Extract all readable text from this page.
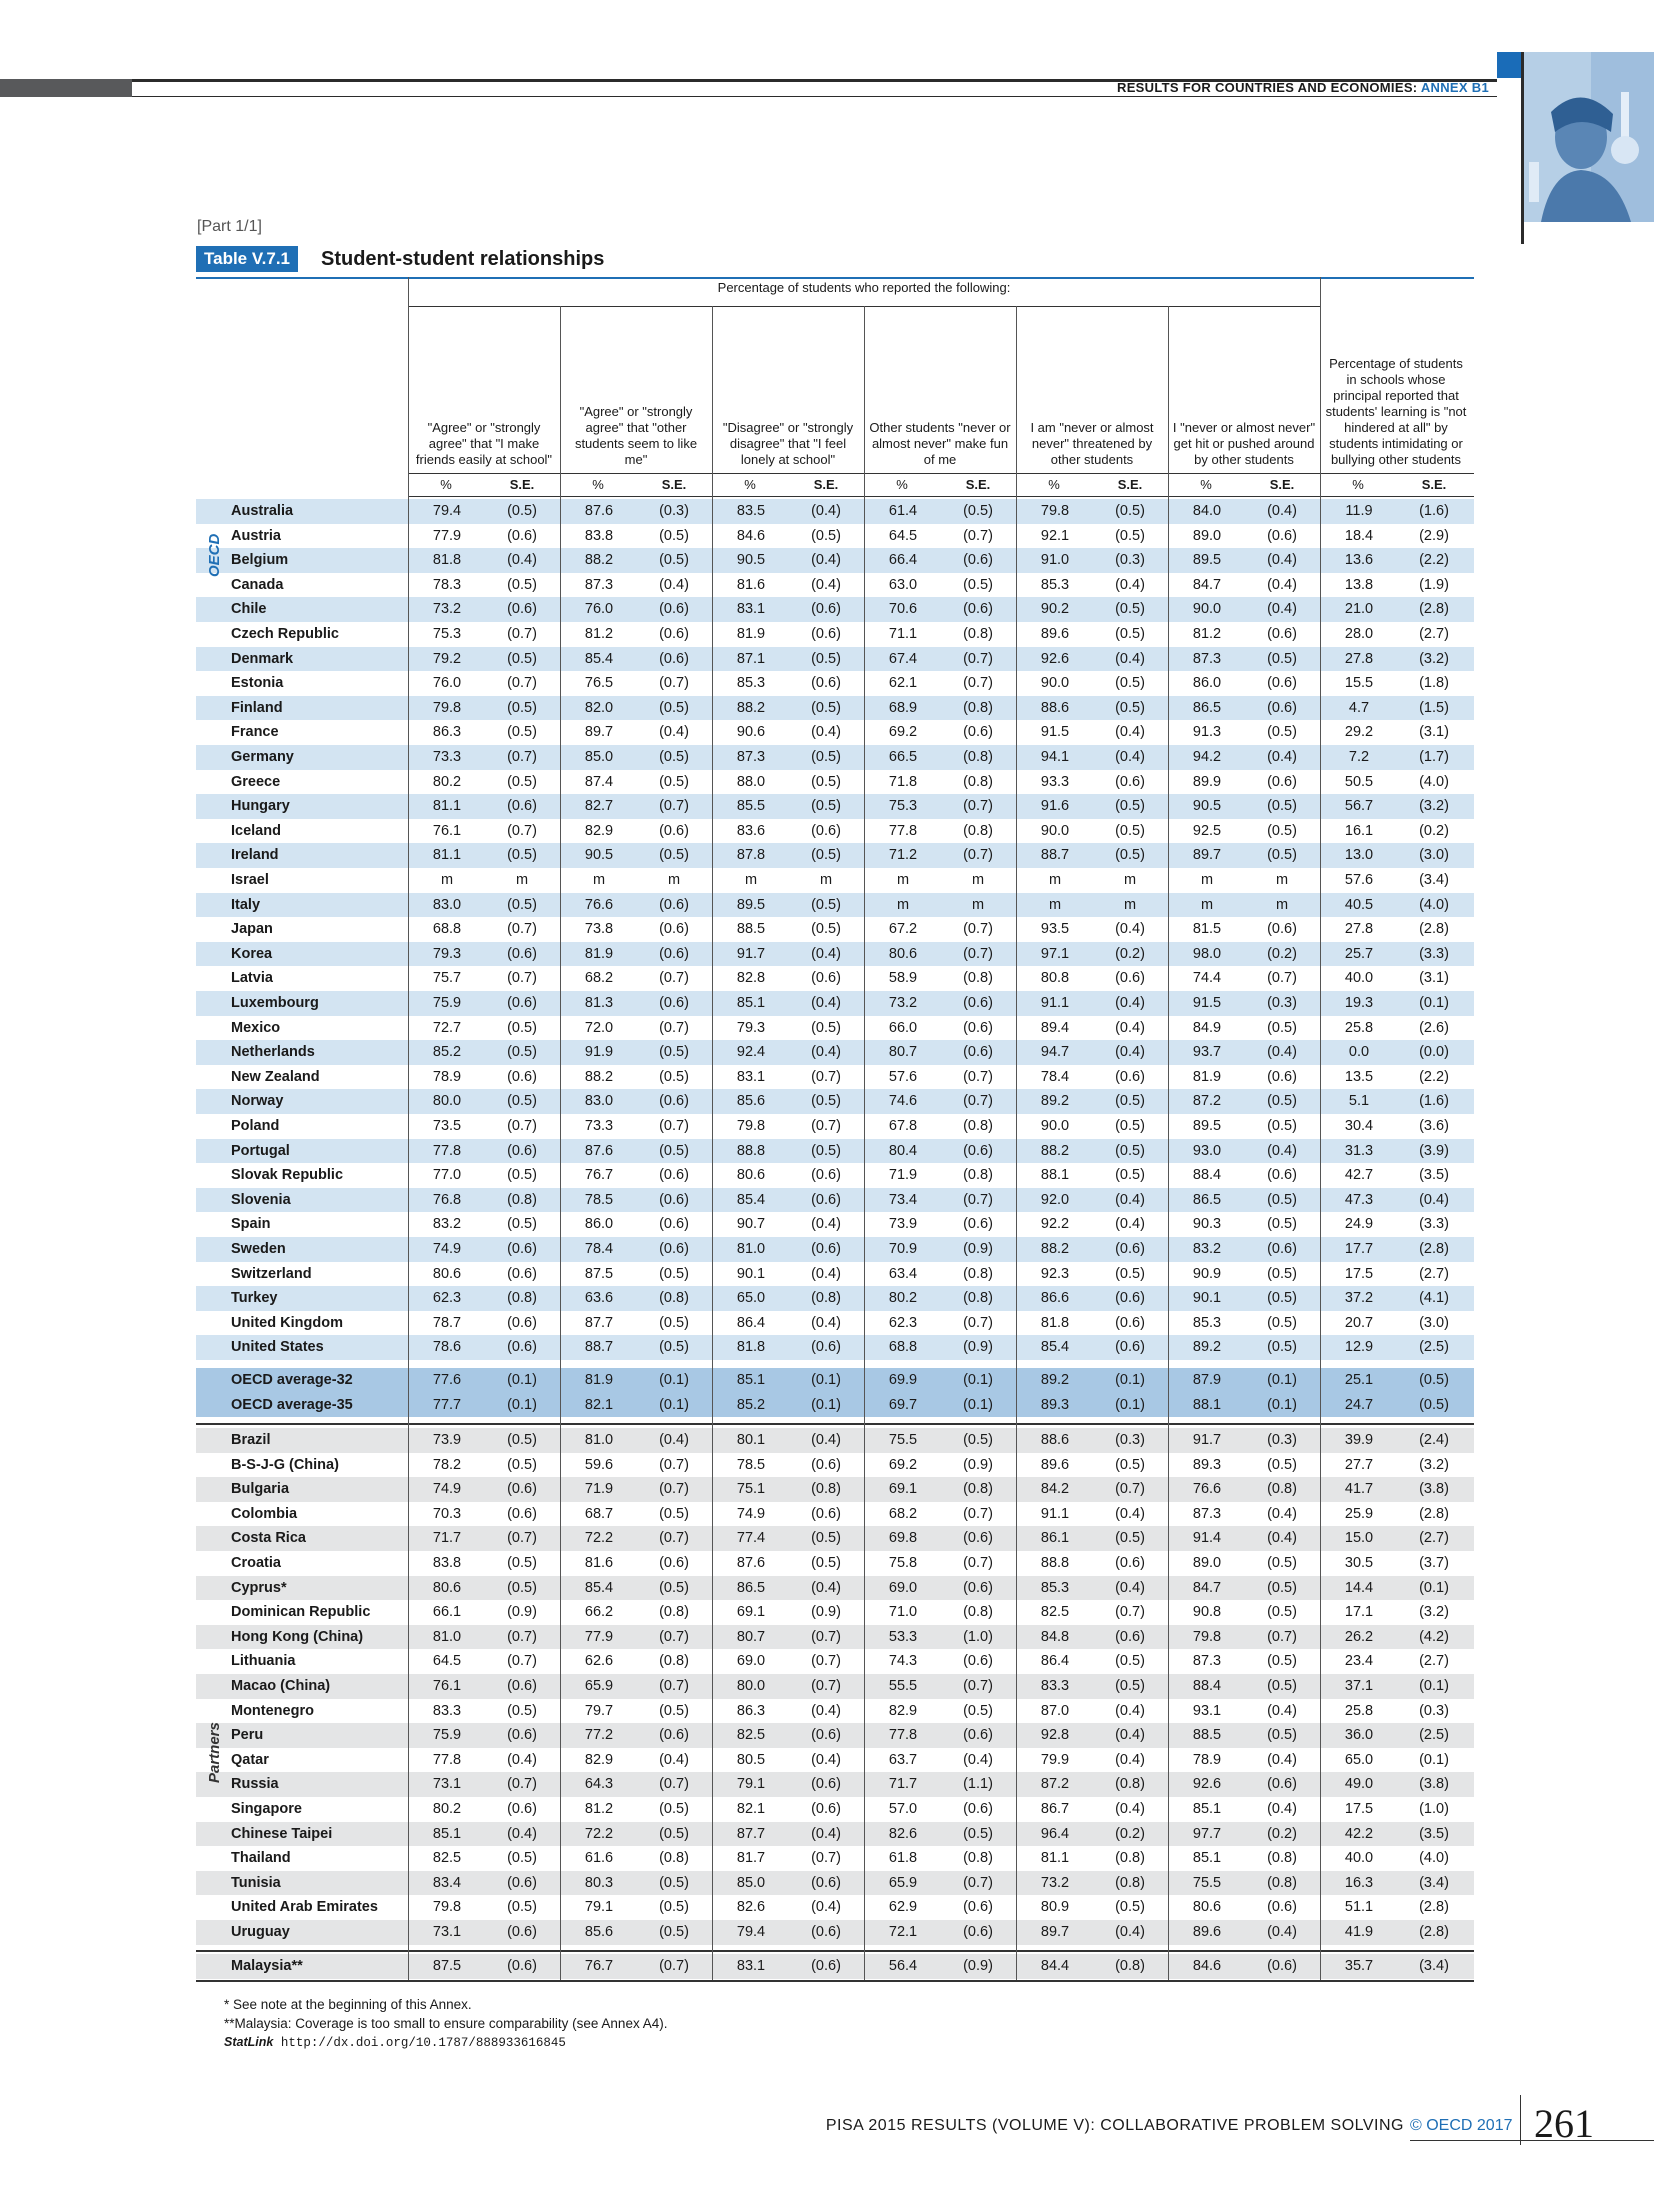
RESULTS FOR COUNTRIES AND ECONOMIES: ANNEX B1
[Part 1/1]
Table V.7.1	Student-student relationships
Percentage of students who reported the following:
"Agree" or "strongly agree" that "I make friends easily at school"
"Agree" or "strongly agree" that "other students seem to like me"
"Disagree" or "strongly disagree" that "I feel lonely at school"
Other students "never or almost never" make fun of me
I am "never or almost never" threatened by other students
I "never or almost never" get hit or pushed around by other students
Percentage of students in schools whose principal reported that students' learning is "not hindered at all" by students intimidating or bullying other students
%	S.E.	%	S.E.	%	S.E.	%	S.E.	%	S.E.	%	S.E.	%	S.E.
Australia	79.4	(0.5)	87.6	(0.3)	83.5	(0.4)	61.4	(0.5)	79.8	(0.5)	84.0	(0.4)	11.9	(1.6)
Austria	77.9	(0.6)	83.8	(0.5)	84.6	(0.5)	64.5	(0.7)	92.1	(0.5)	89.0	(0.6)	18.4	(2.9)
Belgium	81.8	(0.4)	88.2	(0.5)	90.5	(0.4)	66.4	(0.6)	91.0	(0.3)	89.5	(0.4)	13.6	(2.2)
Canada	78.3	(0.5)	87.3	(0.4)	81.6	(0.4)	63.0	(0.5)	85.3	(0.4)	84.7	(0.4)	13.8	(1.9)
Chile	73.2	(0.6)	76.0	(0.6)	83.1	(0.6)	70.6	(0.6)	90.2	(0.5)	90.0	(0.4)	21.0	(2.8)
Czech Republic	75.3	(0.7)	81.2	(0.6)	81.9	(0.6)	71.1	(0.8)	89.6	(0.5)	81.2	(0.6)	28.0	(2.7)
Denmark	79.2	(0.5)	85.4	(0.6)	87.1	(0.5)	67.4	(0.7)	92.6	(0.4)	87.3	(0.5)	27.8	(3.2)
Estonia	76.0	(0.7)	76.5	(0.7)	85.3	(0.6)	62.1	(0.7)	90.0	(0.5)	86.0	(0.6)	15.5	(1.8)
Finland	79.8	(0.5)	82.0	(0.5)	88.2	(0.5)	68.9	(0.8)	88.6	(0.5)	86.5	(0.6)	4.7	(1.5)
France	86.3	(0.5)	89.7	(0.4)	90.6	(0.4)	69.2	(0.6)	91.5	(0.4)	91.3	(0.5)	29.2	(3.1)
Germany	73.3	(0.7)	85.0	(0.5)	87.3	(0.5)	66.5	(0.8)	94.1	(0.4)	94.2	(0.4)	7.2	(1.7)
Greece	80.2	(0.5)	87.4	(0.5)	88.0	(0.5)	71.8	(0.8)	93.3	(0.6)	89.9	(0.6)	50.5	(4.0)
Hungary	81.1	(0.6)	82.7	(0.7)	85.5	(0.5)	75.3	(0.7)	91.6	(0.5)	90.5	(0.5)	56.7	(3.2)
Iceland	76.1	(0.7)	82.9	(0.6)	83.6	(0.6)	77.8	(0.8)	90.0	(0.5)	92.5	(0.5)	16.1	(0.2)
Ireland	81.1	(0.5)	90.5	(0.5)	87.8	(0.5)	71.2	(0.7)	88.7	(0.5)	89.7	(0.5)	13.0	(3.0)
Israel	m	m	m	m	m	m	m	m	m	m	m	m	57.6	(3.4)
Italy	83.0	(0.5)	76.6	(0.6)	89.5	(0.5)	m	m	m	m	m	m	40.5	(4.0)
Japan	68.8	(0.7)	73.8	(0.6)	88.5	(0.5)	67.2	(0.7)	93.5	(0.4)	81.5	(0.6)	27.8	(2.8)
Korea	79.3	(0.6)	81.9	(0.6)	91.7	(0.4)	80.6	(0.7)	97.1	(0.2)	98.0	(0.2)	25.7	(3.3)
Latvia	75.7	(0.7)	68.2	(0.7)	82.8	(0.6)	58.9	(0.8)	80.8	(0.6)	74.4	(0.7)	40.0	(3.1)
Luxembourg	75.9	(0.6)	81.3	(0.6)	85.1	(0.4)	73.2	(0.6)	91.1	(0.4)	91.5	(0.3)	19.3	(0.1)
Mexico	72.7	(0.5)	72.0	(0.7)	79.3	(0.5)	66.0	(0.6)	89.4	(0.4)	84.9	(0.5)	25.8	(2.6)
Netherlands	85.2	(0.5)	91.9	(0.5)	92.4	(0.4)	80.7	(0.6)	94.7	(0.4)	93.7	(0.4)	0.0	(0.0)
New Zealand	78.9	(0.6)	88.2	(0.5)	83.1	(0.7)	57.6	(0.7)	78.4	(0.6)	81.9	(0.6)	13.5	(2.2)
Norway	80.0	(0.5)	83.0	(0.6)	85.6	(0.5)	74.6	(0.7)	89.2	(0.5)	87.2	(0.5)	5.1	(1.6)
Poland	73.5	(0.7)	73.3	(0.7)	79.8	(0.7)	67.8	(0.8)	90.0	(0.5)	89.5	(0.5)	30.4	(3.6)
Portugal	77.8	(0.6)	87.6	(0.5)	88.8	(0.5)	80.4	(0.6)	88.2	(0.5)	93.0	(0.4)	31.3	(3.9)
Slovak Republic	77.0	(0.5)	76.7	(0.6)	80.6	(0.6)	71.9	(0.8)	88.1	(0.5)	88.4	(0.6)	42.7	(3.5)
Slovenia	76.8	(0.8)	78.5	(0.6)	85.4	(0.6)	73.4	(0.7)	92.0	(0.4)	86.5	(0.5)	47.3	(0.4)
Spain	83.2	(0.5)	86.0	(0.6)	90.7	(0.4)	73.9	(0.6)	92.2	(0.4)	90.3	(0.5)	24.9	(3.3)
Sweden	74.9	(0.6)	78.4	(0.6)	81.0	(0.6)	70.9	(0.9)	88.2	(0.6)	83.2	(0.6)	17.7	(2.8)
Switzerland	80.6	(0.6)	87.5	(0.5)	90.1	(0.4)	63.4	(0.8)	92.3	(0.5)	90.9	(0.5)	17.5	(2.7)
Turkey	62.3	(0.8)	63.6	(0.8)	65.0	(0.8)	80.2	(0.8)	86.6	(0.6)	90.1	(0.5)	37.2	(4.1)
United Kingdom	78.7	(0.6)	87.7	(0.5)	86.4	(0.4)	62.3	(0.7)	81.8	(0.6)	85.3	(0.5)	20.7	(3.0)
United States	78.6	(0.6)	88.7	(0.5)	81.8	(0.6)	68.8	(0.9)	85.4	(0.6)	89.2	(0.5)	12.9	(2.5)
OECD average-32	77.6	(0.1)	81.9	(0.1)	85.1	(0.1)	69.9	(0.1)	89.2	(0.1)	87.9	(0.1)	25.1	(0.5)
OECD average-35	77.7	(0.1)	82.1	(0.1)	85.2	(0.1)	69.7	(0.1)	89.3	(0.1)	88.1	(0.1)	24.7	(0.5)
Brazil	73.9	(0.5)	81.0	(0.4)	80.1	(0.4)	75.5	(0.5)	88.6	(0.3)	91.7	(0.3)	39.9	(2.4)
B-S-J-G (China)	78.2	(0.5)	59.6	(0.7)	78.5	(0.6)	69.2	(0.9)	89.6	(0.5)	89.3	(0.5)	27.7	(3.2)
Bulgaria	74.9	(0.6)	71.9	(0.7)	75.1	(0.8)	69.1	(0.8)	84.2	(0.7)	76.6	(0.8)	41.7	(3.8)
Colombia	70.3	(0.6)	68.7	(0.5)	74.9	(0.6)	68.2	(0.7)	91.1	(0.4)	87.3	(0.4)	25.9	(2.8)
Costa Rica	71.7	(0.7)	72.2	(0.7)	77.4	(0.5)	69.8	(0.6)	86.1	(0.5)	91.4	(0.4)	15.0	(2.7)
Croatia	83.8	(0.5)	81.6	(0.6)	87.6	(0.5)	75.8	(0.7)	88.8	(0.6)	89.0	(0.5)	30.5	(3.7)
Cyprus*	80.6	(0.5)	85.4	(0.5)	86.5	(0.4)	69.0	(0.6)	85.3	(0.4)	84.7	(0.5)	14.4	(0.1)
Dominican Republic	66.1	(0.9)	66.2	(0.8)	69.1	(0.9)	71.0	(0.8)	82.5	(0.7)	90.8	(0.5)	17.1	(3.2)
Hong Kong (China)	81.0	(0.7)	77.9	(0.7)	80.7	(0.7)	53.3	(1.0)	84.8	(0.6)	79.8	(0.7)	26.2	(4.2)
Lithuania	64.5	(0.7)	62.6	(0.8)	69.0	(0.7)	74.3	(0.6)	86.4	(0.5)	87.3	(0.5)	23.4	(2.7)
Macao (China)	76.1	(0.6)	65.9	(0.7)	80.0	(0.7)	55.5	(0.7)	83.3	(0.5)	88.4	(0.5)	37.1	(0.1)
Montenegro	83.3	(0.5)	79.7	(0.5)	86.3	(0.4)	82.9	(0.5)	87.0	(0.4)	93.1	(0.4)	25.8	(0.3)
Peru	75.9	(0.6)	77.2	(0.6)	82.5	(0.6)	77.8	(0.6)	92.8	(0.4)	88.5	(0.5)	36.0	(2.5)
Qatar	77.8	(0.4)	82.9	(0.4)	80.5	(0.4)	63.7	(0.4)	79.9	(0.4)	78.9	(0.4)	65.0	(0.1)
Russia	73.1	(0.7)	64.3	(0.7)	79.1	(0.6)	71.7	(1.1)	87.2	(0.8)	92.6	(0.6)	49.0	(3.8)
Singapore	80.2	(0.6)	81.2	(0.5)	82.1	(0.6)	57.0	(0.6)	86.7	(0.4)	85.1	(0.4)	17.5	(1.0)
Chinese Taipei	85.1	(0.4)	72.2	(0.5)	87.7	(0.4)	82.6	(0.5)	96.4	(0.2)	97.7	(0.2)	42.2	(3.5)
Thailand	82.5	(0.5)	61.6	(0.8)	81.7	(0.7)	61.8	(0.8)	81.1	(0.8)	85.1	(0.8)	40.0	(4.0)
Tunisia	83.4	(0.6)	80.3	(0.5)	85.0	(0.6)	65.9	(0.7)	73.2	(0.8)	75.5	(0.8)	16.3	(3.4)
United Arab Emirates	79.8	(0.5)	79.1	(0.5)	82.6	(0.4)	62.9	(0.6)	80.9	(0.5)	80.6	(0.6)	51.1	(2.8)
Uruguay	73.1	(0.6)	85.6	(0.5)	79.4	(0.6)	72.1	(0.6)	89.7	(0.4)	89.6	(0.4)	41.9	(2.8)
Malaysia**	87.5	(0.6)	76.7	(0.7)	83.1	(0.6)	56.4	(0.9)	84.4	(0.8)	84.6	(0.6)	35.7	(3.4)
OECD
Partners
* See note at the beginning of this Annex.
**Malaysia: Coverage is too small to ensure comparability (see Annex A4).
StatLink http://dx.doi.org/10.1787/888933616845
PISA 2015 RESULTS (VOLUME V): COLLABORATIVE PROBLEM SOLVING © OECD 2017 261
